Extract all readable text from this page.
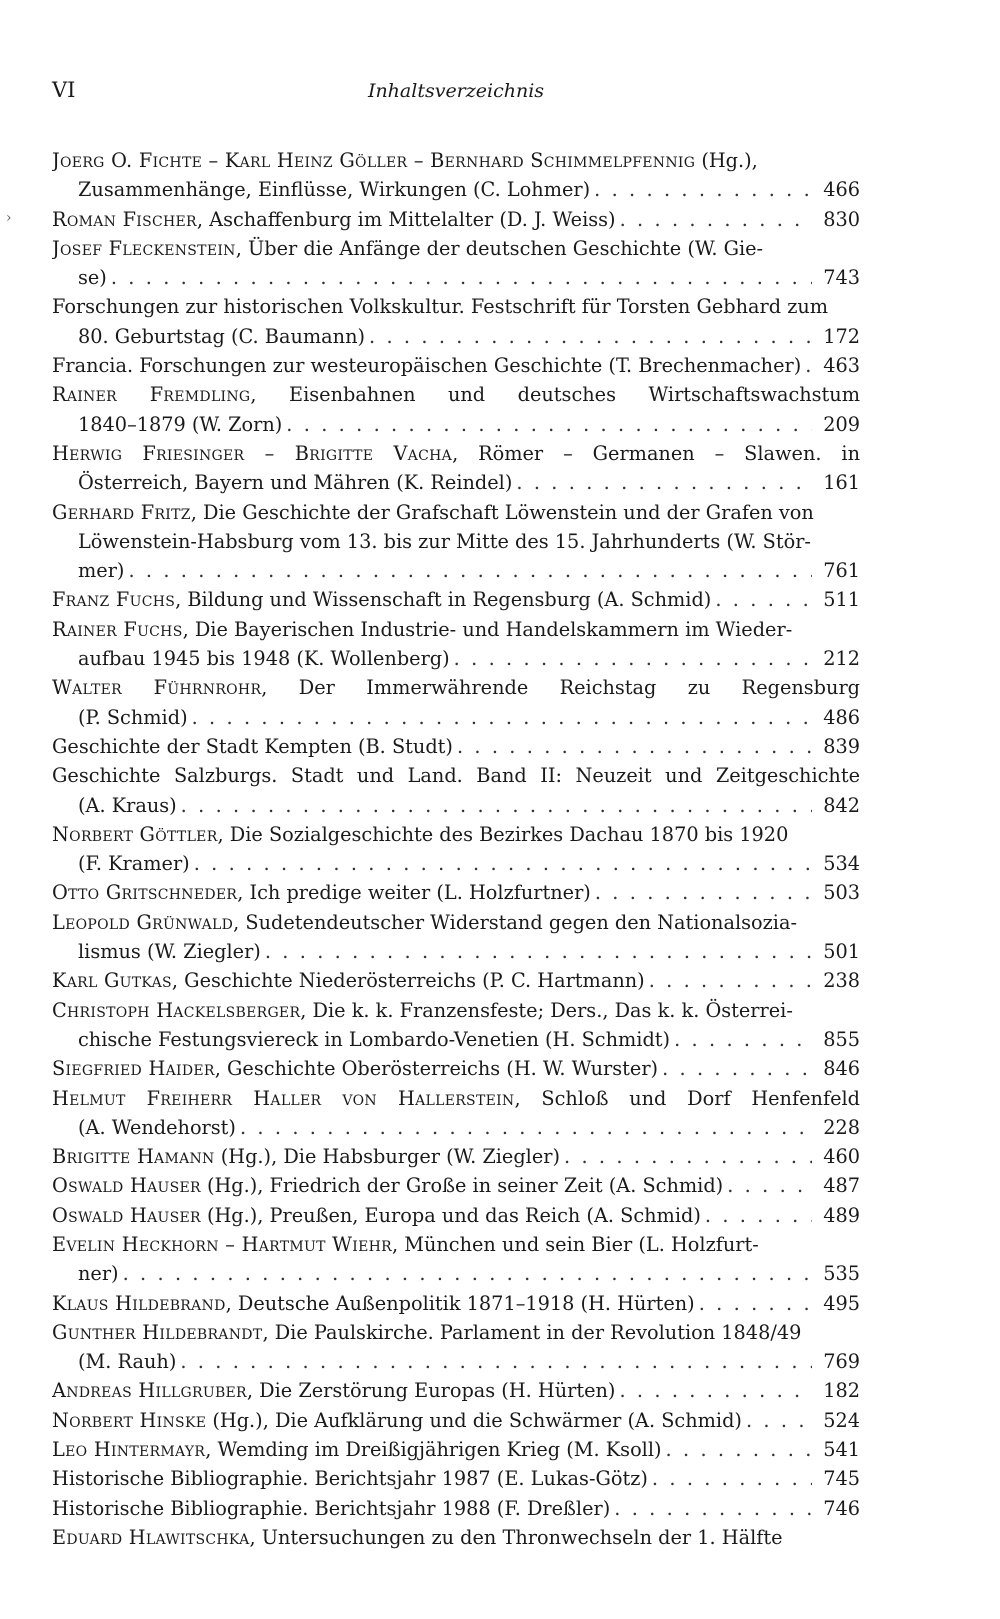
VI	Inhaltsverzeichnis
›
Joerg O. Fichte – Karl Heinz Göller – Bernhard Schimmelpfennig (Hg.),
Zusammenhänge, Einflüsse, Wirkungen (C. Lohmer) . . .	466
Roman Fischer, Aschaffenburg im Mittelalter (D. J. Weiss) . . .	830
Josef Fleckenstein, Über die Anfänge der deutschen Geschichte (W. Gie-
se) . . .	743
Forschungen zur historischen Volkskultur. Festschrift für Torsten Gebhard zum
80. Geburtstag (C. Baumann) . . .	172
Francia. Forschungen zur westeuropäischen Geschichte (T. Brechenmacher) . . .	463
Rainer Fremdling, Eisenbahnen und deutsches Wirtschaftswachstum
1840–1879 (W. Zorn) . . .	209
Herwig Friesinger – Brigitte Vacha, Römer – Germanen – Slawen. in
Österreich, Bayern und Mähren (K. Reindel) . . .	161
Gerhard Fritz, Die Geschichte der Grafschaft Löwenstein und der Grafen von
Löwenstein-Habsburg vom 13. bis zur Mitte des 15. Jahrhunderts (W. Stör-
mer) . . .	761
Franz Fuchs, Bildung und Wissenschaft in Regensburg (A. Schmid) . . .	511
Rainer Fuchs, Die Bayerischen Industrie- und Handelskammern im Wieder-
aufbau 1945 bis 1948 (K. Wollenberg) . . .	212
Walter Führnrohr, Der Immerwährende Reichstag zu Regensburg
(P. Schmid) . . .	486
Geschichte der Stadt Kempten (B. Studt) . . .	839
Geschichte Salzburgs. Stadt und Land. Band II: Neuzeit und Zeitgeschichte
(A. Kraus) . . .	842
Norbert Göttler, Die Sozialgeschichte des Bezirkes Dachau 1870 bis 1920
(F. Kramer) . . .	534
Otto Gritschneder, Ich predige weiter (L. Holzfurtner) . . .	503
Leopold Grünwald, Sudetendeutscher Widerstand gegen den Nationalsozia-
lismus (W. Ziegler) . . .	501
Karl Gutkas, Geschichte Niederösterreichs (P. C. Hartmann) . . .	238
Christoph Hackelsberger, Die k. k. Franzensfeste; Ders., Das k. k. Österrei-
chische Festungsviereck in Lombardo-Venetien (H. Schmidt) . . .	855
Siegfried Haider, Geschichte Oberösterreichs (H. W. Wurster) . . .	846
Helmut Freiherr Haller von Hallerstein, Schloß und Dorf Henfenfeld
(A. Wendehorst) . . .	228
Brigitte Hamann (Hg.), Die Habsburger (W. Ziegler) . . .	460
Oswald Hauser (Hg.), Friedrich der Große in seiner Zeit (A. Schmid) . . .	487
Oswald Hauser (Hg.), Preußen, Europa und das Reich (A. Schmid) . . .	489
Evelin Heckhorn – Hartmut Wiehr, München und sein Bier (L. Holzfurt-
ner) . . .	535
Klaus Hildebrand, Deutsche Außenpolitik 1871–1918 (H. Hürten) . . .	495
Gunther Hildebrandt, Die Paulskirche. Parlament in der Revolution 1848/49
(M. Rauh) . . .	769
Andreas Hillgruber, Die Zerstörung Europas (H. Hürten) . . .	182
Norbert Hinske (Hg.), Die Aufklärung und die Schwärmer (A. Schmid) . . .	524
Leo Hintermayr, Wemding im Dreißigjährigen Krieg (M. Ksoll) . . .	541
Historische Bibliographie. Berichtsjahr 1987 (E. Lukas-Götz) . . .	745
Historische Bibliographie. Berichtsjahr 1988 (F. Dreßler) . . .	746
Eduard Hlawitschka, Untersuchungen zu den Thronwechseln der 1. Hälfte
